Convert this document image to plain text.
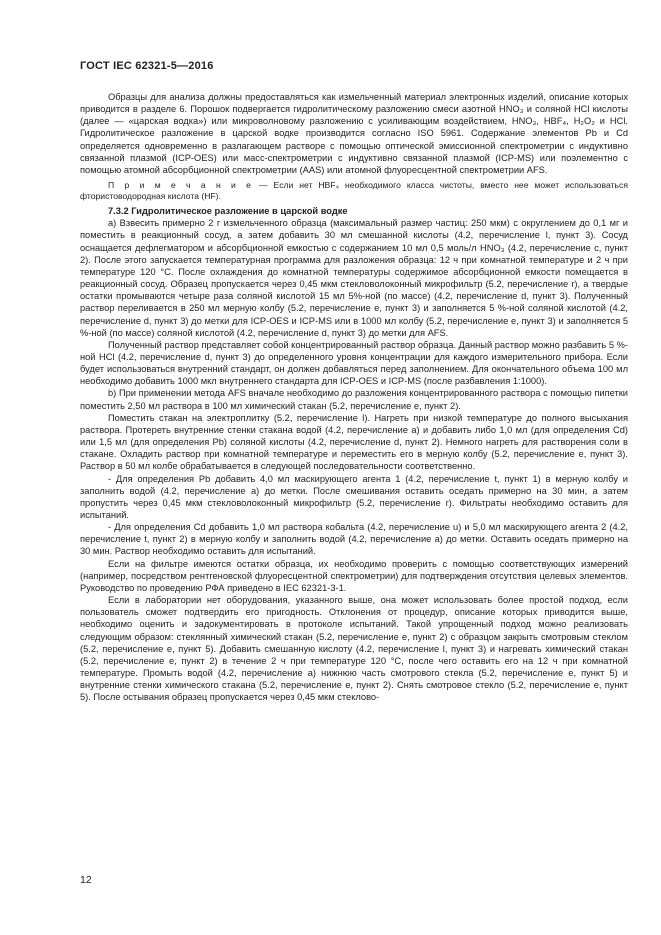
ГОСТ IEC 62321-5—2016

Образцы для анализа должны предоставляться как измельченный материал электронных изделий, описание которых приводится в разделе 6. Порошок подвергается гидролитическому разложению смеси азотной HNO₃ и соляной HCl кислоты (далее — «царская водка») или микроволновому разложению с усиливающим воздействием, HNO₃, HBF₄, H₂O₂ и HCl. Гидролитическое разложение в царской водке производится согласно ISO 5961. Содержание элементов Pb и Cd определяется одновременно в разлагающем растворе с помощью оптической эмиссионной спектрометрии с индуктивно связанной плазмой (ICP-OES) или масс-спектрометрии с индуктивно связанной плазмой (ICP-MS) или поэлементно с помощью атомной абсорбционной спектрометрии (AAS) или атомной флуоресцентной спектрометрии AFS.

П р и м е ч а н и е — Если нет HBF₄ необходимого класса чистоты, вместо нее может использоваться фтористоводородная кислота (HF).

7.3.2 Гидролитическое разложение в царской водке

а) Взвесить примерно 2 г измельченного образца (максимальный размер частиц: 250 мкм) с округлением до 0,1 мг и поместить в реакционный сосуд, а затем добавить 30 мл смешанной кислоты (4.2, перечисление l, пункт 3). Сосуд оснащается дефлегматором и абсорбционной емкостью с содержанием 10 мл 0,5 моль/л HNO₃ (4.2, перечисление с, пункт 2). После этого запускается температурная программа для разложения образца: 12 ч при комнатной температуре и 2 ч при температуре 120 °С. После охлаждения до комнатной температуры содержимое абсорбционной емкости помещается в реакционный сосуд. Образец пропускается через 0,45 мкм стекловолоконный микрофильтр (5.2, перечисление r), а твердые остатки промываются четыре раза соляной кислотой 15 мл 5%-ной (по массе) (4.2, перечисление d, пункт 3). Полученный раствор переливается в 250 мл мерную колбу (5.2, перечисление е, пункт 3) и заполняется 5 %-ной соляной кислотой (4.2, перечисление d, пункт 3) до метки для ICP-OES и ICP-MS или в 1000 мл колбу (5.2, перечисление е, пункт 3) и заполняется 5 %-ной (по массе) соляной кислотой (4.2, перечисление d, пункт 3) до метки для AFS.

Полученный раствор представляет собой концентрированный раствор образца. Данный раствор можно разбавить 5 %-ной HCl (4.2, перечисление d, пункт 3) до определенного уровня концентрации для каждого измерительного прибора. Если будет использоваться внутренний стандарт, он должен добавляться перед заполнением. Для окончательного объема 100 мл необходимо добавить 1000 мкл внутреннего стандарта для ICP-OES и ICP-MS (после разбавления 1:1000).

b) При применении метода AFS вначале необходимо до разложения концентрированного раствора с помощью пипетки поместить 2,50 мл раствора в 100 мл химический стакан (5.2, перечисление е, пункт 2).

Поместить стакан на электроплитку (5.2, перечисление l). Нагреть при низкой температуре до полного высыхания раствора. Протереть внутренние стенки стакана водой (4.2, перечисление а) и добавить либо 1,0 мл (для определения Cd) или 1,5 мл (для определения Pb) соляной кислоты (4.2, перечисление d, пункт 2). Немного нагреть для растворения соли в стакане. Охладить раствор при комнатной температуре и переместить его в мерную колбу (5.2, перечисление е, пункт 3). Раствор в 50 мл колбе обрабатывается в следующей последовательности соответственно.

- Для определения Pb добавить 4,0 мл маскирующего агента 1 (4.2, перечисление t, пункт 1) в мерную колбу и заполнить водой (4.2, перечисление а) до метки. После смешивания оставить оседать примерно на 30 мин, а затем пропустить через 0,45 мкм стекловолоконный микрофильтр (5.2, перечисление r). Фильтраты необходимо оставить для испытаний.

- Для определения Cd добавить 1,0 мл раствора кобальта (4.2, перечисление u) и 5,0 мл маскирующего агента 2 (4.2, перечисление t, пункт 2) в мерную колбу и заполнить водой (4.2, перечисление а) до метки. Оставить оседать примерно на 30 мин. Раствор необходимо оставить для испытаний.

Если на фильтре имеются остатки образца, их необходимо проверить с помощью соответствующих измерений (например, посредством рентгеновской флуоресцентной спектрометрии) для подтверждения отсутствия целевых элементов. Руководство по проведению РФА приведено в IEC 62321-3-1.

Если в лаборатории нет оборудования, указанного выше, она может использовать более простой подход, если пользователь сможет подтвердить его пригодность. Отклонения от процедур, описание которых приводится выше, необходимо оценить и задокументировать в протоколе испытаний. Такой упрощенный подход можно реализовать следующим образом: стеклянный химический стакан (5.2, перечисление е, пункт 2) с образцом закрыть смотровым стеклом (5.2, перечисление е, пункт 5). Добавить смешанную кислоту (4.2, перечисление l, пункт 3) и нагревать химический стакан (5.2, перечисление е, пункт 2) в течение 2 ч при температуре 120 °С, после чего оставить его на 12 ч при комнатной температуре. Промыть водой (4.2, перечисление а) нижнюю часть смотрового стекла (5.2, перечисление е, пункт 5) и внутренние стенки химического стакана (5.2, перечисление е, пункт 2). Снять смотровое стекло (5.2, перечисление е, пункт 5). После остывания образец пропускается через 0,45 мкм стеклово-

12
